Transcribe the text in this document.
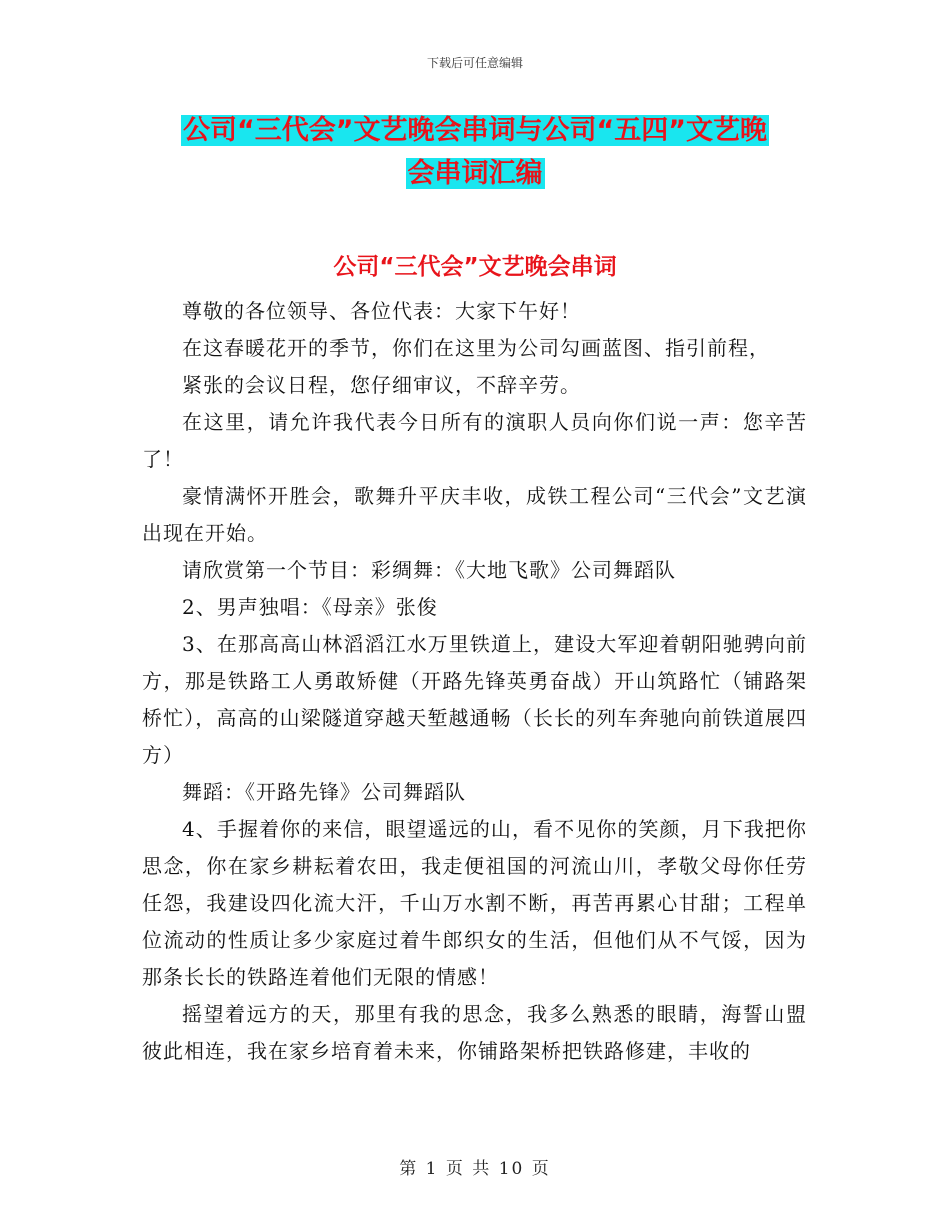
下载后可任意编辑
公司“三代会”文艺晚会串词与公司“五四”文艺晚
会串词汇编
公司“三代会”文艺晚会串词

尊敬的各位领导、各位代表：大家下午好！

在这春暖花开的季节，你们在这里为公司勾画蓝图、指引前程，

紧张的会议日程，您仔细审议，不辞辛劳。

在这里，请允许我代表今日所有的演职人员向你们说一声：您辛苦了！

豪情满怀开胜会，歌舞升平庆丰收，成铁工程公司“三代会”文艺演出现在开始。

请欣赏第一个节目：彩绸舞：《大地飞歌》公司舞蹈队

2、男声独唱：《母亲》张俊

3、在那高高山林滔滔江水万里铁道上，建设大军迎着朝阳驰骋向前方，那是铁路工人勇敢矫健（开路先锋英勇奋战）开山筑路忙（铺路架桥忙），高高的山梁隧道穿越天堑越通畅（长长的列车奔驰向前铁道展四方）

舞蹈：《开路先锋》公司舞蹈队

4、手握着你的来信，眼望遥远的山，看不见你的笑颜，月下我把你思念，你在家乡耕耘着农田，我走便祖国的河流山川，孝敬父母你任劳任怨，我建设四化流大汗，千山万水割不断，再苦再累心甘甜；工程单位流动的性质让多少家庭过着牛郎织女的生活，但他们从不气馁，因为那条长长的铁路连着他们无限的情感！

摇望着远方的天，那里有我的思念，我多么熟悉的眼睛，海誓山盟彼此相连，我在家乡培育着未来，你铺路架桥把铁路修建，丰收的

第 1 页 共 10 页
